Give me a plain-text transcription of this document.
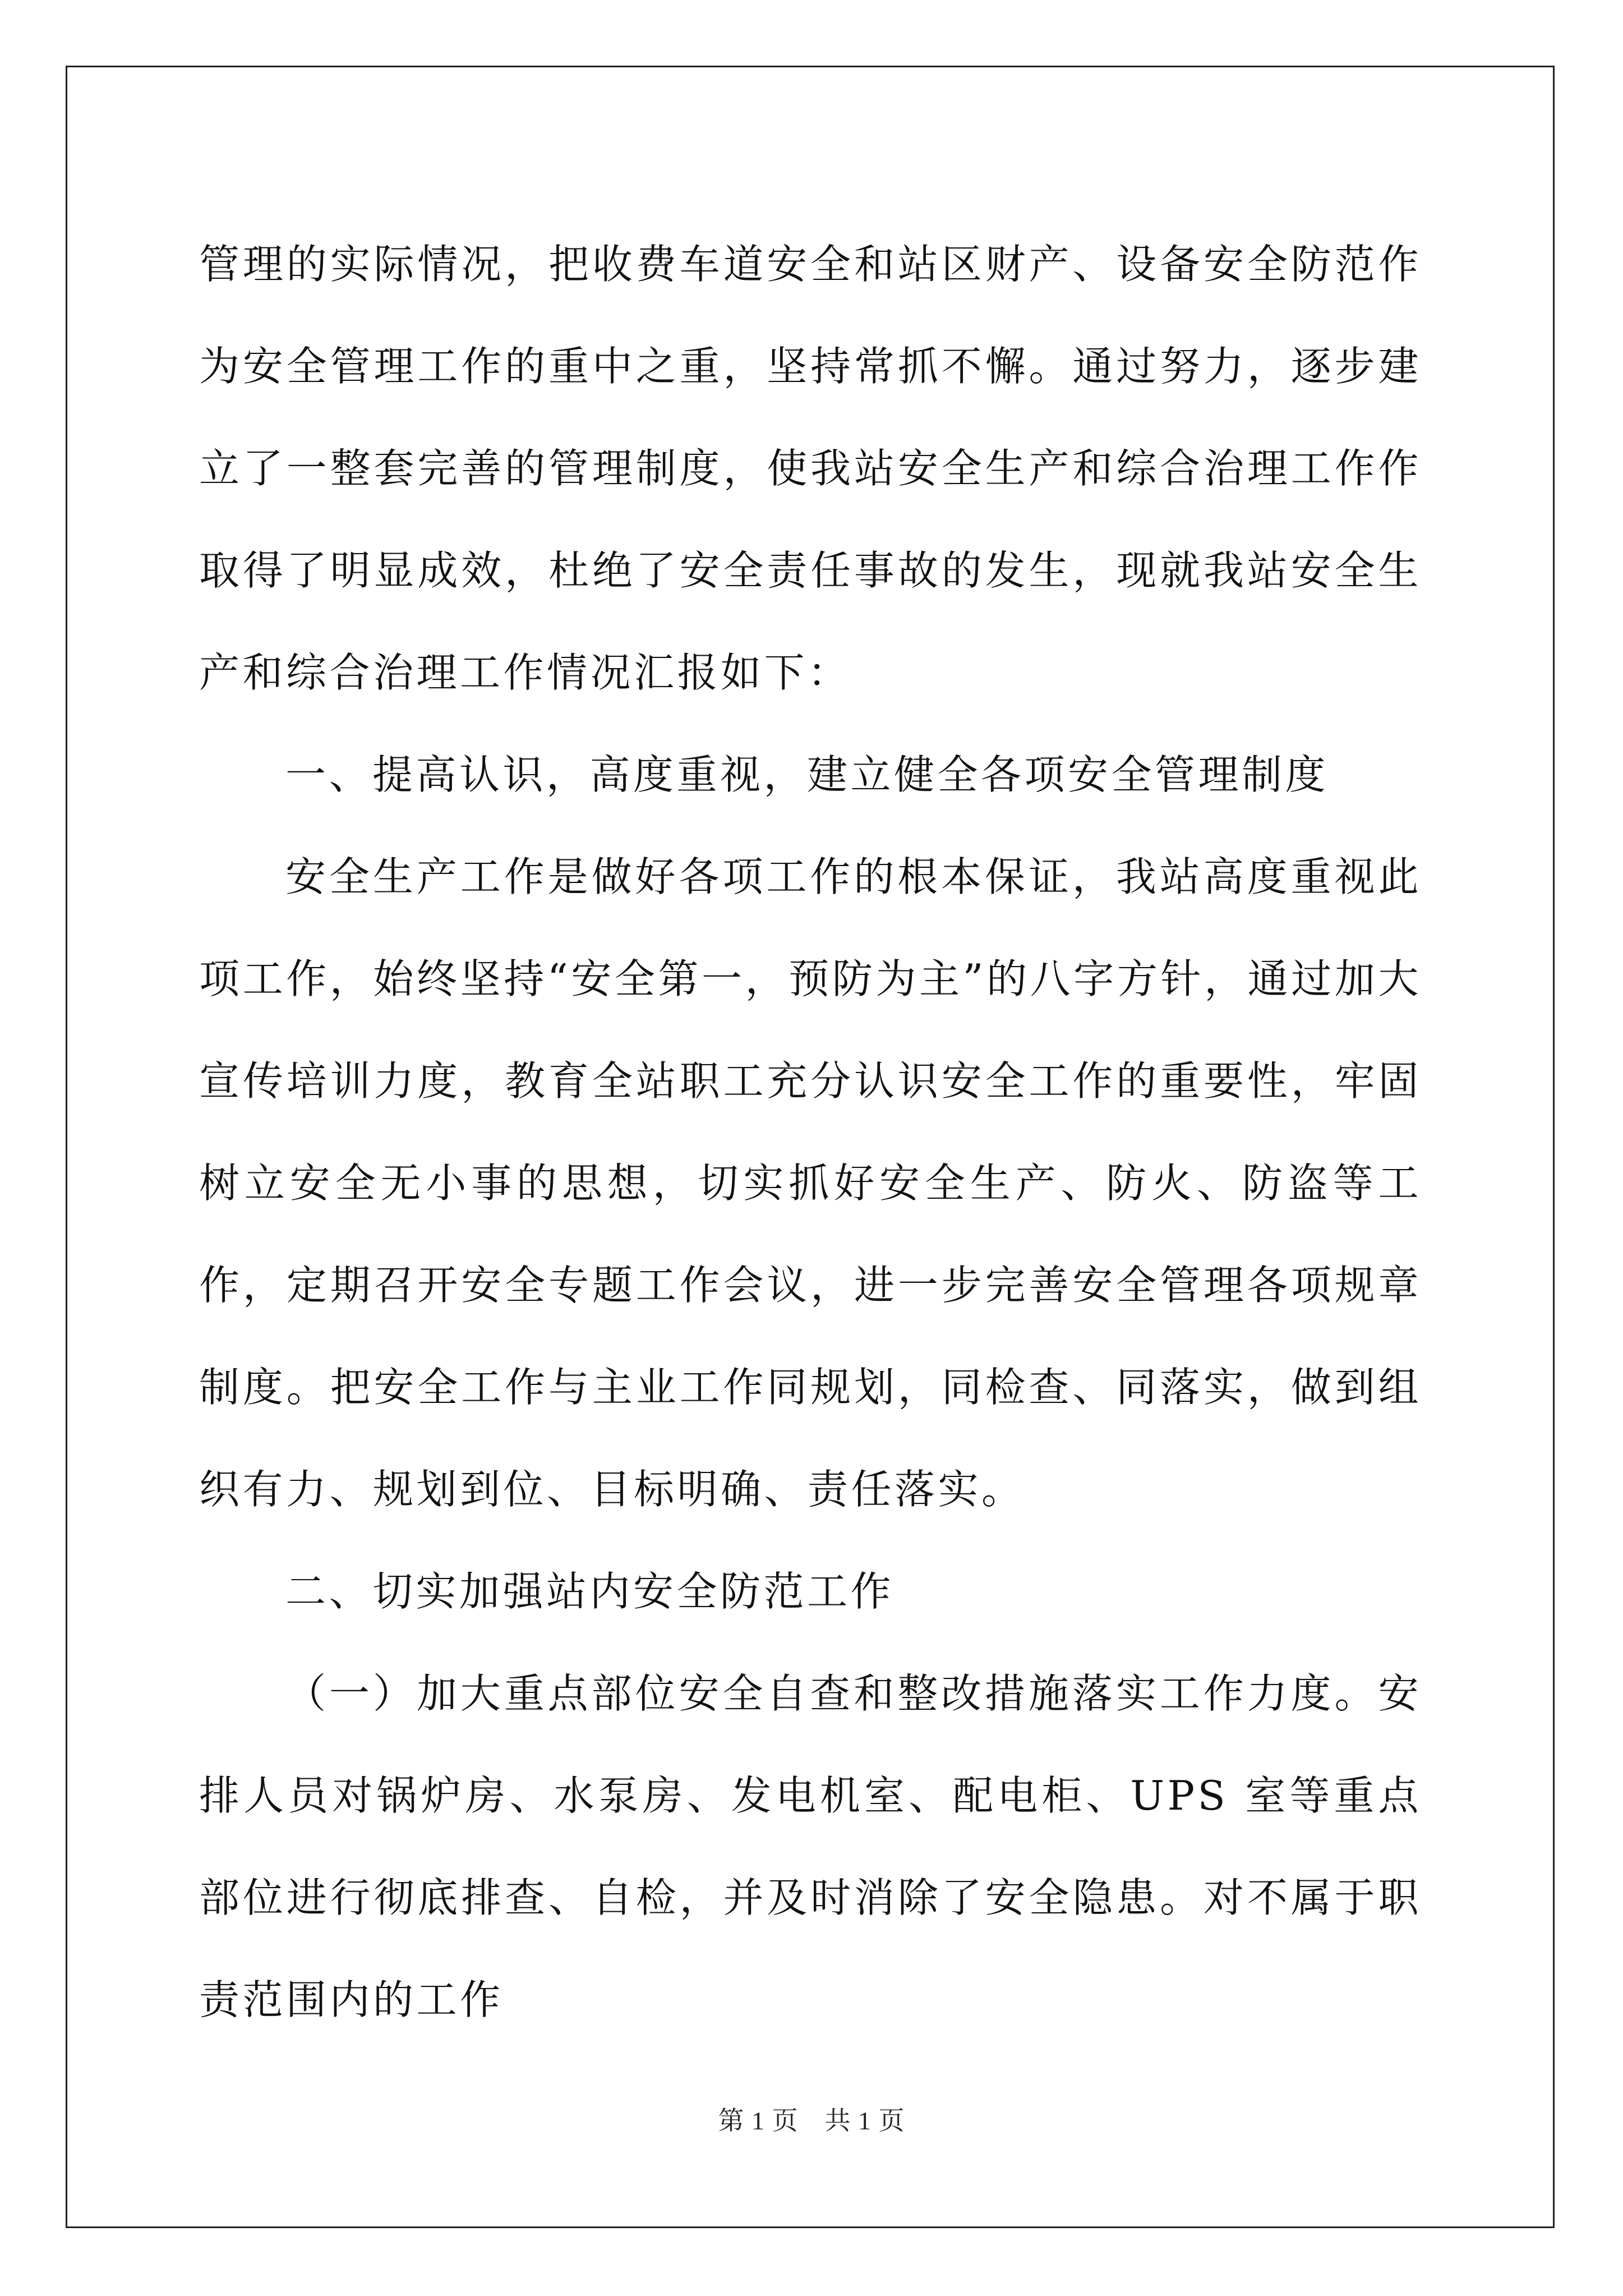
管理的实际情况，把收费车道安全和站区财产、设备安全防范作为安全管理工作的重中之重，坚持常抓不懈。通过努力，逐步建立了一整套完善的管理制度，使我站安全生产和综合治理工作作取得了明显成效，杜绝了安全责任事故的发生，现就我站安全生产和综合治理工作情况汇报如下：

一、提高认识，高度重视，建立健全各项安全管理制度

安全生产工作是做好各项工作的根本保证，我站高度重视此项工作，始终坚持“安全第一，预防为主”的八字方针，通过加大宣传培训力度，教育全站职工充分认识安全工作的重要性，牢固树立安全无小事的思想，切实抓好安全生产、防火、防盗等工作，定期召开安全专题工作会议，进一步完善安全管理各项规章制度。把安全工作与主业工作同规划，同检查、同落实，做到组织有力、规划到位、目标明确、责任落实。

二、切实加强站内安全防范工作

（一）加大重点部位安全自查和整改措施落实工作力度。安排人员对锅炉房、水泵房、发电机室、配电柜、UPS 室等重点部位进行彻底排查、自检，并及时消除了安全隐患。对不属于职责范围内的工作

第 1 页　共 1 页
